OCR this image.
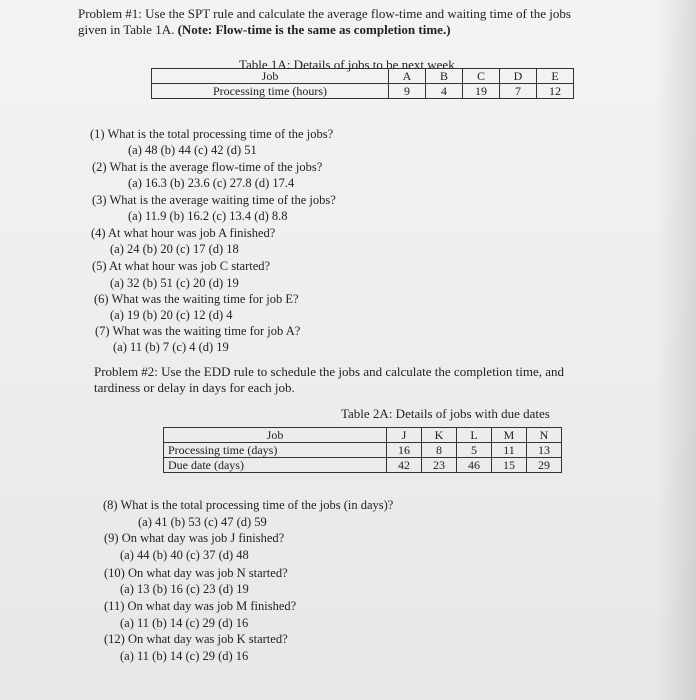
Problem #1: Use the SPT rule and calculate the average flow-time and waiting time of the jobs
given in Table 1A. (Note: Flow-time is the same as completion time.)
Table 1A: Details of jobs to be next week
Job	A	B	C	D	E
Processing time (hours)	9	4	19	7	12
(1) What is the total processing time of the jobs?
(a) 48 (b) 44 (c) 42 (d) 51
(2) What is the average flow-time of the jobs?
(a) 16.3 (b) 23.6 (c) 27.8 (d) 17.4
(3) What is the average waiting time of the jobs?
(a) 11.9 (b) 16.2 (c) 13.4 (d) 8.8
(4) At what hour was job A finished?
(a) 24 (b) 20 (c) 17 (d) 18
(5) At what hour was job C started?
(a) 32 (b) 51 (c) 20 (d) 19
(6) What was the waiting time for job E?
(a) 19 (b) 20 (c) 12 (d) 4
(7) What was the waiting time for job A?
(a) 11 (b) 7 (c) 4 (d) 19
Problem #2: Use the EDD rule to schedule the jobs and calculate the completion time, and
tardiness or delay in days for each job.
Table 2A: Details of jobs with due dates
Job	J	K	L	M	N
Processing time (days)	16	8	5	11	13
Due date (days)	42	23	46	15	29
(8) What is the total processing time of the jobs (in days)?
(a) 41 (b) 53 (c) 47 (d) 59
(9) On what day was job J finished?
(a) 44 (b) 40 (c) 37 (d) 48
(10) On what day was job N started?
(a) 13 (b) 16 (c) 23 (d) 19
(11) On what day was job M finished?
(a) 11 (b) 14 (c) 29 (d) 16
(12) On what day was job K started?
(a) 11 (b) 14 (c) 29 (d) 16
